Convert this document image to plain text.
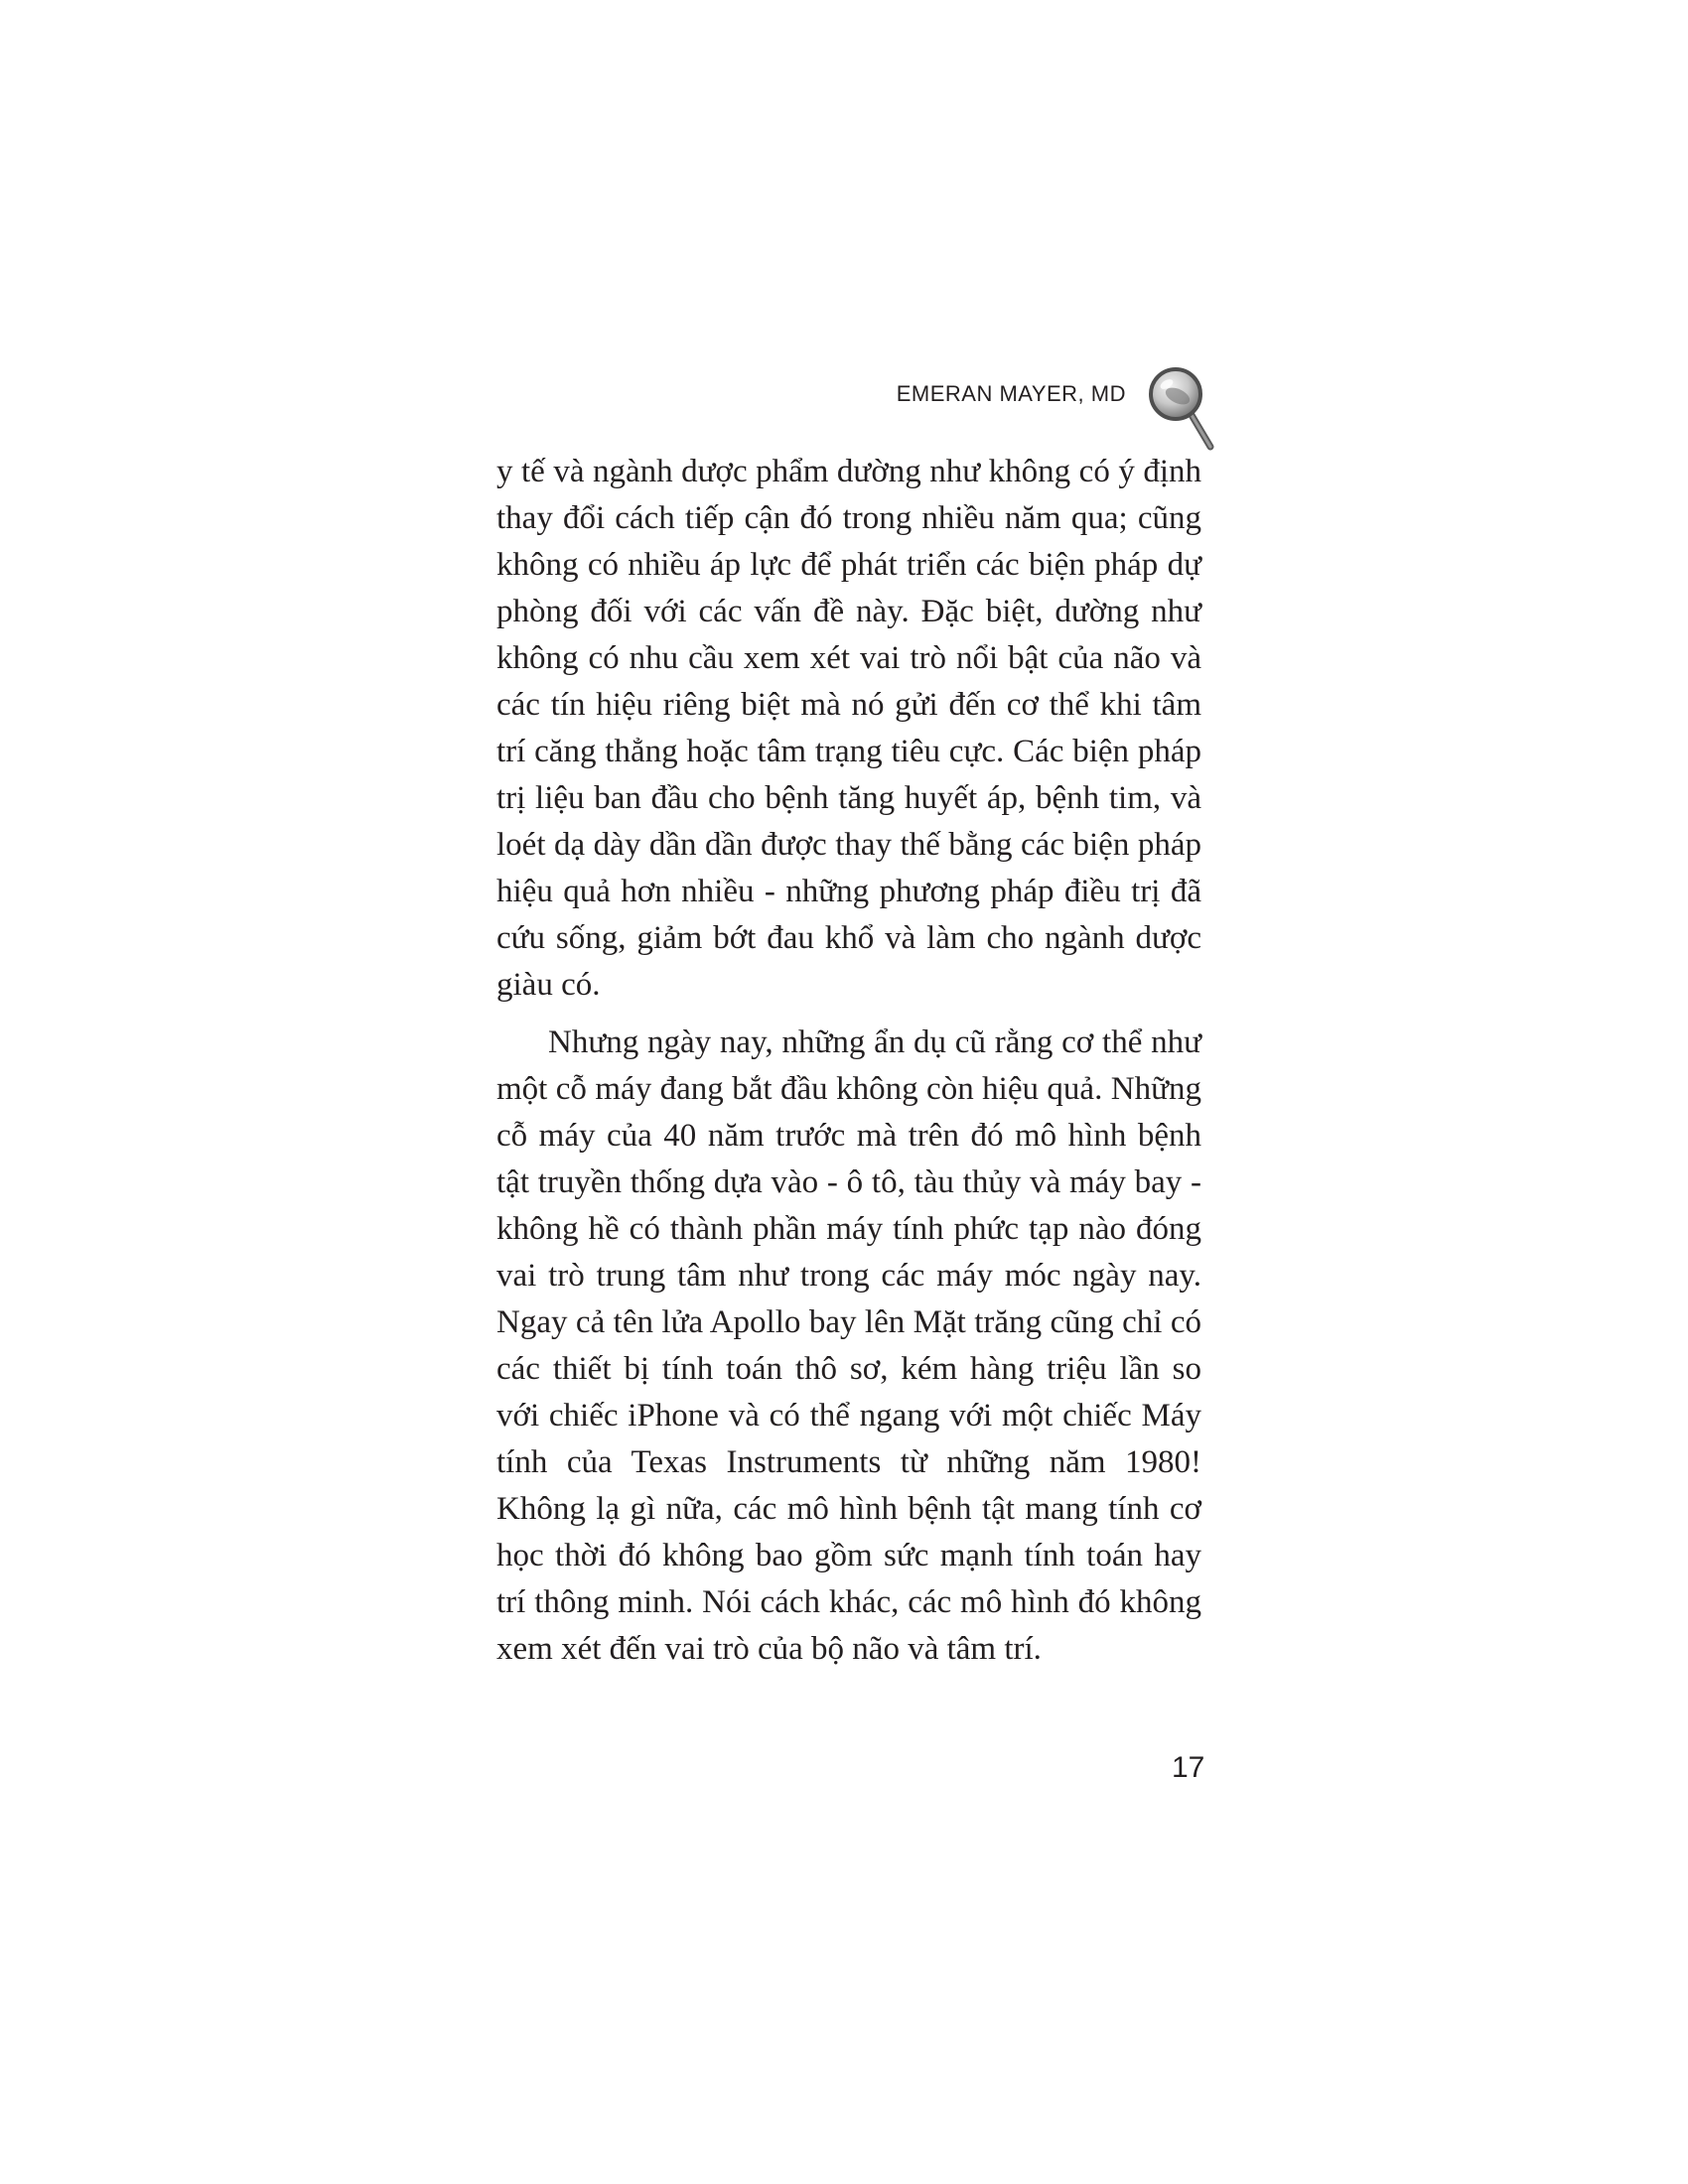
EMERAN MAYER, MD

y tế và ngành dược phẩm dường như không có ý định thay đổi cách tiếp cận đó trong nhiều năm qua; cũng không có nhiều áp lực để phát triển các biện pháp dự phòng đối với các vấn đề này. Đặc biệt, dường như không có nhu cầu xem xét vai trò nổi bật của não và các tín hiệu riêng biệt mà nó gửi đến cơ thể khi tâm trí căng thẳng hoặc tâm trạng tiêu cực. Các biện pháp trị liệu ban đầu cho bệnh tăng huyết áp, bệnh tim, và loét dạ dày dần dần được thay thế bằng các biện pháp hiệu quả hơn nhiều - những phương pháp điều trị đã cứu sống, giảm bớt đau khổ và làm cho ngành dược giàu có.

Nhưng ngày nay, những ẩn dụ cũ rằng cơ thể như một cỗ máy đang bắt đầu không còn hiệu quả. Những cỗ máy của 40 năm trước mà trên đó mô hình bệnh tật truyền thống dựa vào - ô tô, tàu thủy và máy bay - không hề có thành phần máy tính phức tạp nào đóng vai trò trung tâm như trong các máy móc ngày nay. Ngay cả tên lửa Apollo bay lên Mặt trăng cũng chỉ có các thiết bị tính toán thô sơ, kém hàng triệu lần so với chiếc iPhone và có thể ngang với một chiếc Máy tính của Texas Instruments từ những năm 1980! Không lạ gì nữa, các mô hình bệnh tật mang tính cơ học thời đó không bao gồm sức mạnh tính toán hay trí thông minh. Nói cách khác, các mô hình đó không xem xét đến vai trò của bộ não và tâm trí.

17
